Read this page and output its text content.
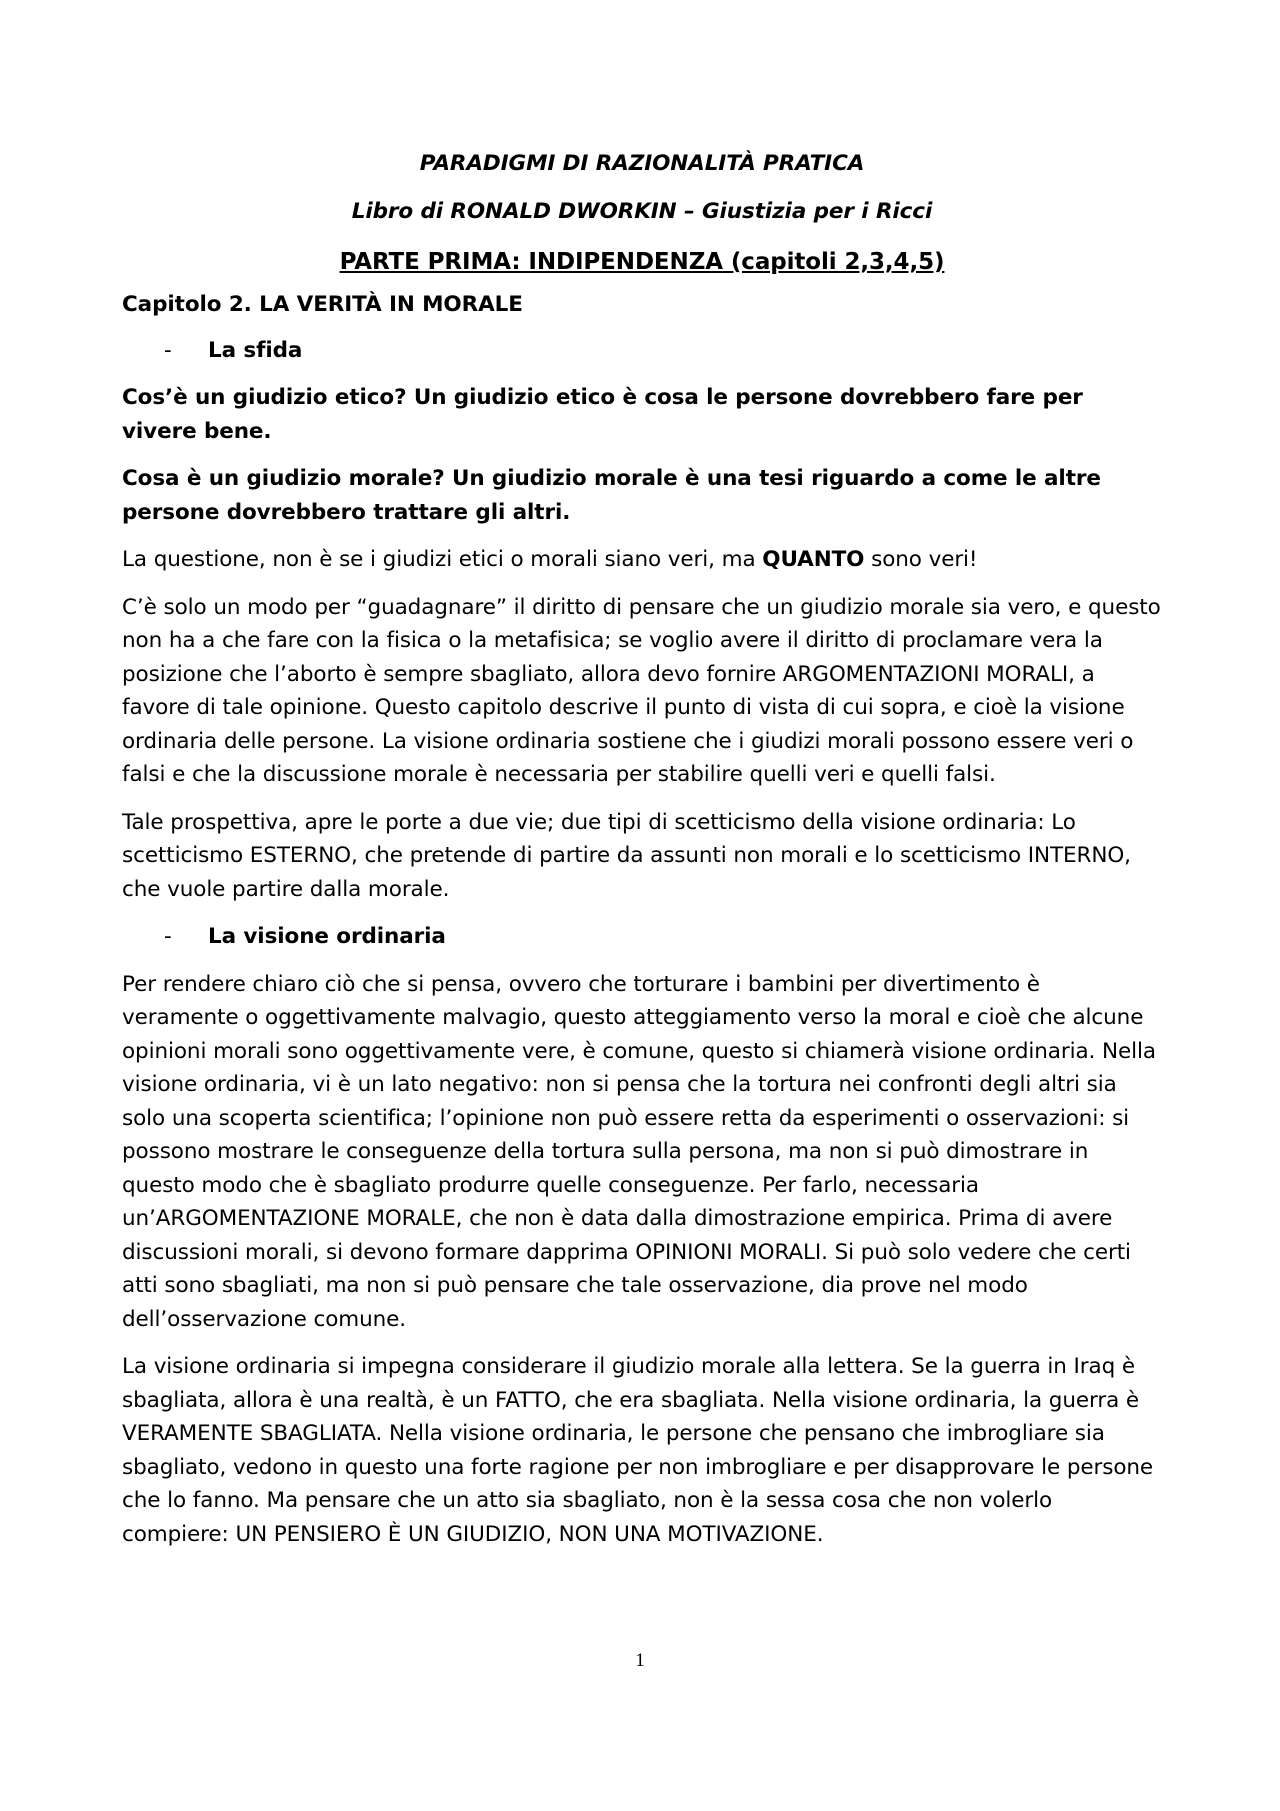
PARADIGMI DI RAZIONALITÀ PRATICA
Libro di RONALD DWORKIN – Giustizia per i Ricci
PARTE PRIMA: INDIPENDENZA (capitoli 2,3,4,5)
Capitolo 2. LA VERITÀ IN MORALE
- La sfida

Cos’è un giudizio etico? Un giudizio etico è cosa le persone dovrebbero fare per vivere bene.

Cosa è un giudizio morale? Un giudizio morale è una tesi riguardo a come le altre persone dovrebbero trattare gli altri.

La questione, non è se i giudizi etici o morali siano veri, ma QUANTO sono veri!

C’è solo un modo per “guadagnare” il diritto di pensare che un giudizio morale sia vero, e questo non ha a che fare con la fisica o la metafisica; se voglio avere il diritto di proclamare vera la posizione che l’aborto è sempre sbagliato, allora devo fornire ARGOMENTAZIONI MORALI, a favore di tale opinione. Questo capitolo descrive il punto di vista di cui sopra, e cioè la visione ordinaria delle persone. La visione ordinaria sostiene che i giudizi morali possono essere veri o falsi e che la discussione morale è necessaria per stabilire quelli veri e quelli falsi.

Tale prospettiva, apre le porte a due vie; due tipi di scetticismo della visione ordinaria: Lo scetticismo ESTERNO, che pretende di partire da assunti non morali e lo scetticismo INTERNO, che vuole partire dalla morale.

- La visione ordinaria

Per rendere chiaro ciò che si pensa, ovvero che torturare i bambini per divertimento è veramente o oggettivamente malvagio, questo atteggiamento verso la moral e cioè che alcune opinioni morali sono oggettivamente vere, è comune, questo si chiamerà visione ordinaria. Nella visione ordinaria, vi è un lato negativo: non si pensa che la tortura nei confronti degli altri sia solo una scoperta scientifica; l’opinione non può essere retta da esperimenti o osservazioni: si possono mostrare le conseguenze della tortura sulla persona, ma non si può dimostrare in questo modo che è sbagliato produrre quelle conseguenze. Per farlo, necessaria un’ARGOMENTAZIONE MORALE, che non è data dalla dimostrazione empirica. Prima di avere discussioni morali, si devono formare dapprima OPINIONI MORALI. Si può solo vedere che certi atti sono sbagliati, ma non si può pensare che tale osservazione, dia prove nel modo dell’osservazione comune.

La visione ordinaria si impegna considerare il giudizio morale alla lettera. Se la guerra in Iraq è sbagliata, allora è una realtà, è un FATTO, che era sbagliata. Nella visione ordinaria, la guerra è VERAMENTE SBAGLIATA. Nella visione ordinaria, le persone che pensano che imbrogliare sia sbagliato, vedono in questo una forte ragione per non imbrogliare e per disapprovare le persone che lo fanno. Ma pensare che un atto sia sbagliato, non è la sessa cosa che non volerlo compiere: UN PENSIERO È UN GIUDIZIO, NON UNA MOTIVAZIONE.

1
